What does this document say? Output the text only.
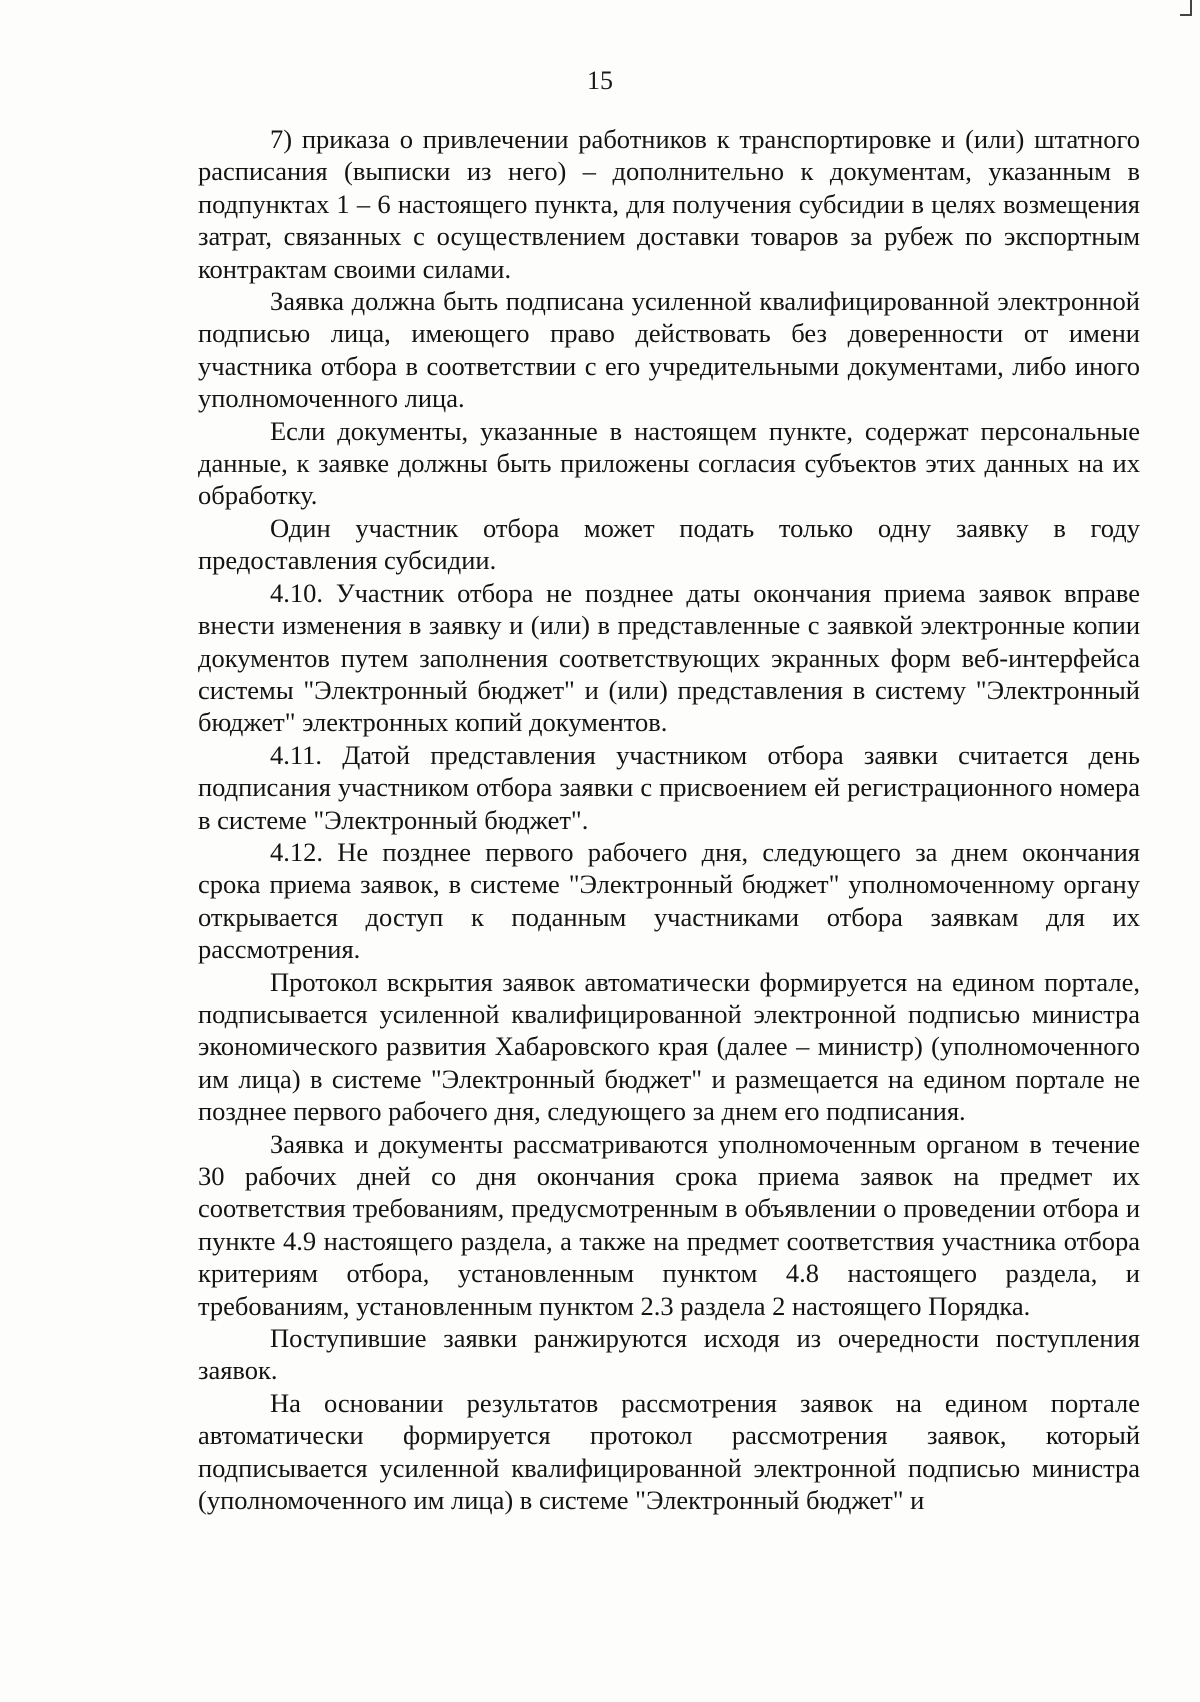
15

7) приказа о привлечении работников к транспортировке и (или) штатного расписания (выписки из него) – дополнительно к документам, указанным в подпунктах 1 – 6 настоящего пункта, для получения субсидии в целях возмещения затрат, связанных с осуществлением доставки товаров за рубеж по экспортным контрактам своими силами.

Заявка должна быть подписана усиленной квалифицированной электронной подписью лица, имеющего право действовать без доверенности от имени участника отбора в соответствии с его учредительными документами, либо иного уполномоченного лица.

Если документы, указанные в настоящем пункте, содержат персональные данные, к заявке должны быть приложены согласия субъектов этих данных на их обработку.

Один участник отбора может подать только одну заявку в году предоставления субсидии.

4.10. Участник отбора не позднее даты окончания приема заявок вправе внести изменения в заявку и (или) в представленные с заявкой электронные копии документов путем заполнения соответствующих экранных форм веб-интерфейса системы "Электронный бюджет" и (или) представления в систему "Электронный бюджет" электронных копий документов.

4.11. Датой представления участником отбора заявки считается день подписания участником отбора заявки с присвоением ей регистрационного номера в системе "Электронный бюджет".

4.12. Не позднее первого рабочего дня, следующего за днем окончания срока приема заявок, в системе "Электронный бюджет" уполномоченному органу открывается доступ к поданным участниками отбора заявкам для их рассмотрения.

Протокол вскрытия заявок автоматически формируется на едином портале, подписывается усиленной квалифицированной электронной подписью министра экономического развития Хабаровского края (далее – министр) (уполномоченного им лица) в системе "Электронный бюджет" и размещается на едином портале не позднее первого рабочего дня, следующего за днем его подписания.

Заявка и документы рассматриваются уполномоченным органом в течение 30 рабочих дней со дня окончания срока приема заявок на предмет их соответствия требованиям, предусмотренным в объявлении о проведении отбора и пункте 4.9 настоящего раздела, а также на предмет соответствия участника отбора критериям отбора, установленным пунктом 4.8 настоящего раздела, и требованиям, установленным пунктом 2.3 раздела 2 настоящего Порядка.

Поступившие заявки ранжируются исходя из очередности поступления заявок.

На основании результатов рассмотрения заявок на едином портале автоматически формируется протокол рассмотрения заявок, который подписывается усиленной квалифицированной электронной подписью министра (уполномоченного им лица) в системе "Электронный бюджет" и
